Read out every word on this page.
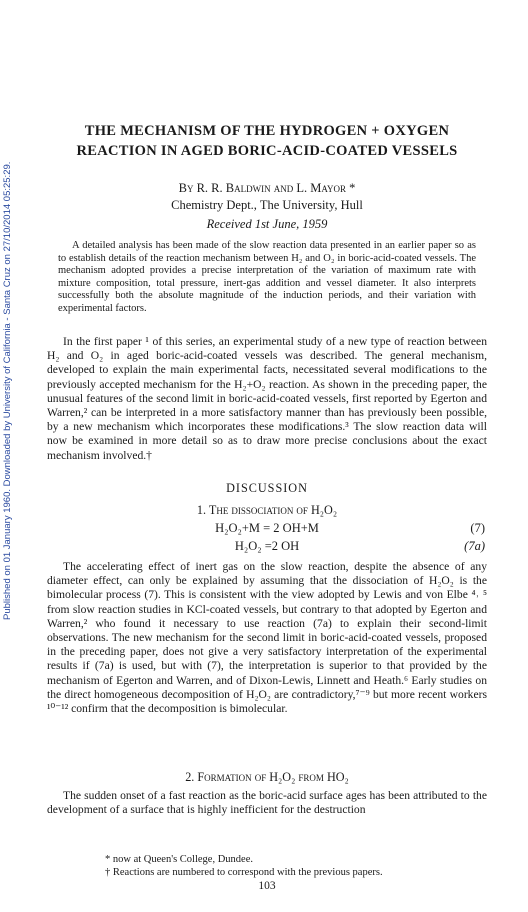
Published on 01 January 1960. Downloaded by University of California - Santa Cruz on 27/10/2014 05:25:29.
THE MECHANISM OF THE HYDROGEN + OXYGEN
REACTION IN AGED BORIC-ACID-COATED VESSELS
By R. R. Baldwin and L. Mayor *
Chemistry Dept., The University, Hull
Received 1st June, 1959

A detailed analysis has been made of the slow reaction data presented in an earlier paper so as to establish details of the reaction mechanism between H₂ and O₂ in boric-acid-coated vessels. The mechanism adopted provides a precise interpretation of the variation of maximum rate with mixture composition, total pressure, inert-gas addition and vessel diameter. It also interprets successfully both the absolute magnitude of the induction periods, and their variation with experimental factors.

In the first paper ¹ of this series, an experimental study of a new type of reaction between H₂ and O₂ in aged boric-acid-coated vessels was described. The general mechanism, developed to explain the main experimental facts, necessitated several modifications to the previously accepted mechanism for the H₂+O₂ reaction. As shown in the preceding paper, the unusual features of the second limit in boric-acid-coated vessels, first reported by Egerton and Warren,² can be interpreted in a more satisfactory manner than has previously been possible, by a new mechanism which incorporates these modifications.³ The slow reaction data will now be examined in more detail so as to draw more precise conclusions about the exact mechanism involved.†

DISCUSSION
1. The dissociation of H₂O₂
H₂O₂+M = 2 OH+M	(7)
H₂O₂ =2 OH	(7a)

The accelerating effect of inert gas on the slow reaction, despite the absence of any diameter effect, can only be explained by assuming that the dissociation of H₂O₂ is the bimolecular process (7). This is consistent with the view adopted by Lewis and von Elbe ⁴˒ ⁵ from slow reaction studies in KCl-coated vessels, but contrary to that adopted by Egerton and Warren,² who found it necessary to use reaction (7a) to explain their second-limit observations. The new mechanism for the second limit in boric-acid-coated vessels, proposed in the preceding paper, does not give a very satisfactory interpretation of the experimental results if (7a) is used, but with (7), the interpretation is superior to that provided by the mechanism of Egerton and Warren, and of Dixon-Lewis, Linnett and Heath.⁶ Early studies on the direct homogeneous decomposition of H₂O₂ are contradictory,⁷⁻⁹ but more recent workers ¹⁰⁻¹² confirm that the decomposition is bimolecular.

2. Formation of H₂O₂ from HO₂

The sudden onset of a fast reaction as the boric-acid surface ages has been attributed to the development of a surface that is highly inefficient for the destruction

* now at Queen's College, Dundee.
† Reactions are numbered to correspond with the previous papers.
103
